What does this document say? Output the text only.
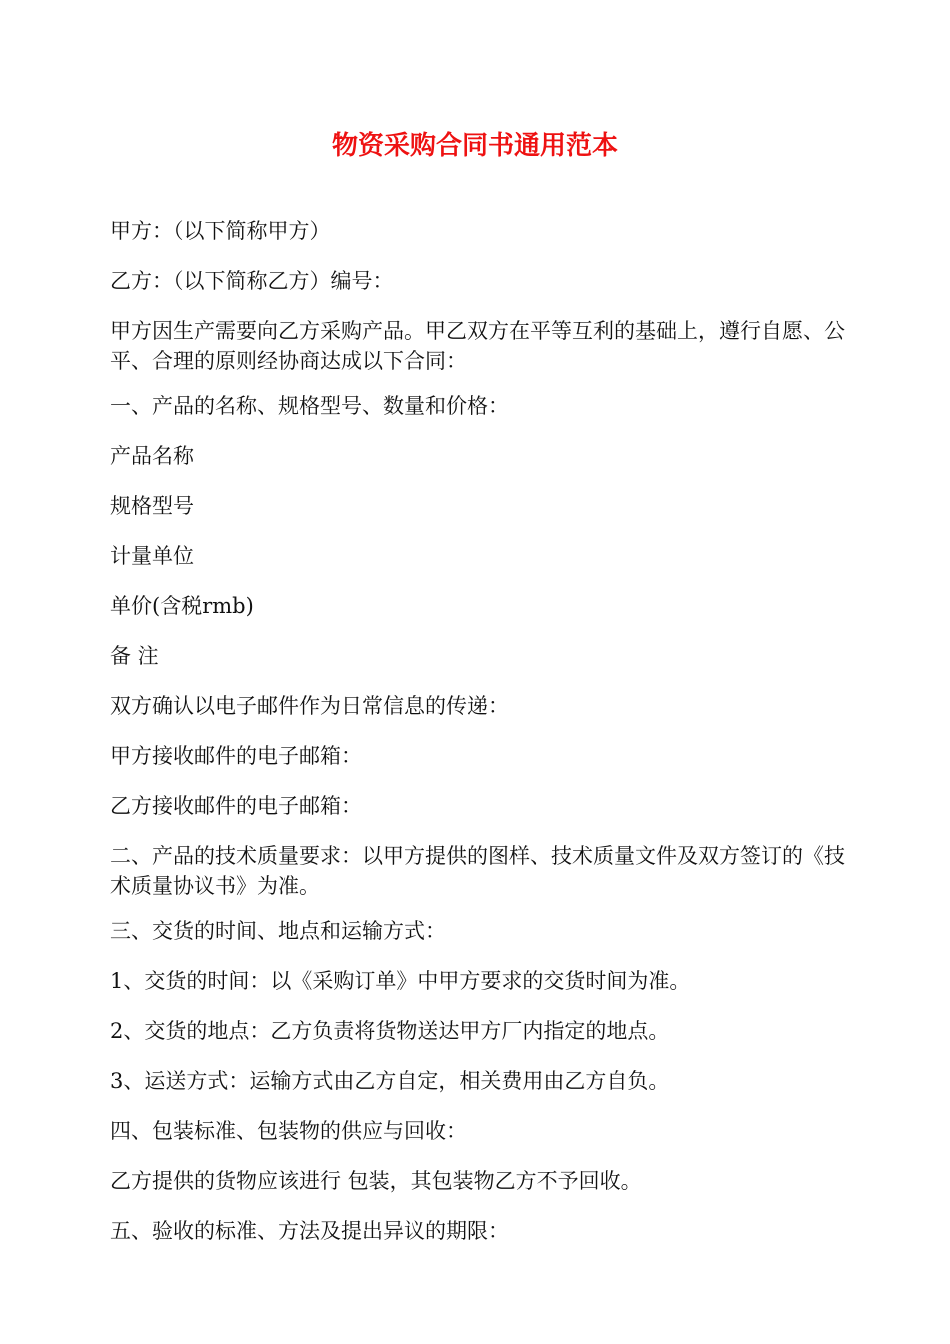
物资采购合同书通用范本
甲方：（以下简称甲方）
乙方：（以下简称乙方）编号：
甲方因生产需要向乙方采购产品。甲乙双方在平等互利的基础上，遵行自愿、公平、合理的原则经协商达成以下合同：
一、产品的名称、规格型号、数量和价格：
产品名称
规格型号
计量单位
单价(含税rmb)
备 注
双方确认以电子邮件作为日常信息的传递：
甲方接收邮件的电子邮箱：
乙方接收邮件的电子邮箱：
二、产品的技术质量要求：以甲方提供的图样、技术质量文件及双方签订的《技术质量协议书》为准。
三、交货的时间、地点和运输方式：
1、交货的时间：以《采购订单》中甲方要求的交货时间为准。
2、交货的地点：乙方负责将货物送达甲方厂内指定的地点。
3、运送方式：运输方式由乙方自定，相关费用由乙方自负。
四、包装标准、包装物的供应与回收：
乙方提供的货物应该进行 包装，其包装物乙方不予回收。
五、验收的标准、方法及提出异议的期限：
